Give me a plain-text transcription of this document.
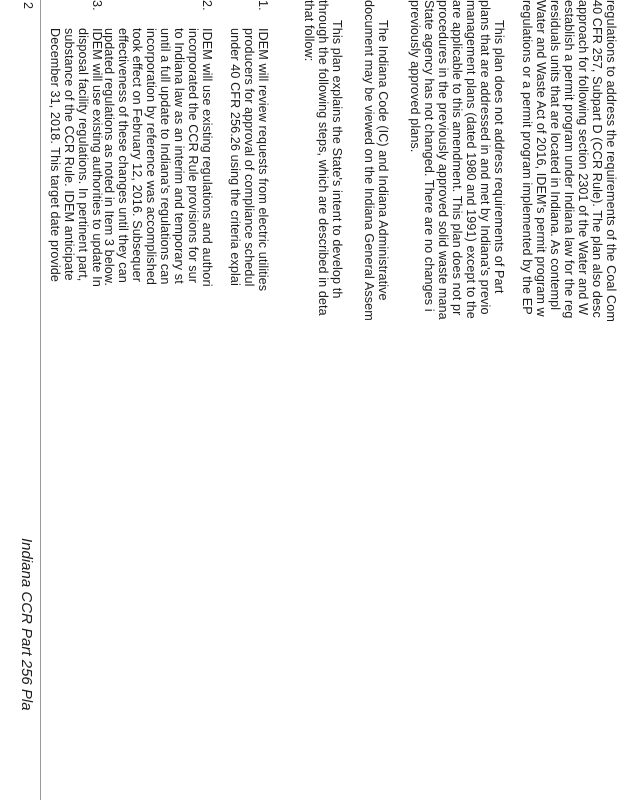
regulations to address the requirements of the Coal Com
40 CFR 257, Subpart D (CCR Rule). The plan also desc
approach for following section 2301 of the Water and W
establish a permit program under Indiana law for the reg
residuals units that are located in Indiana. As contempl
Water and Waste Act of 2016, IDEM's permit program w
regulations or a permit program implemented by the EP
This plan does not address requirements of Part
plans that are addressed in and met by Indiana's previo
management plans (dated 1980 and 1991) except to the
are applicable to this amendment. This plan does not pr
procedures in the previously approved solid waste mana
State agency has not changed. There are no changes i
previously approved plans.
The Indiana Code (IC) and Indiana Administrative
document may be viewed on the Indiana General Assem
This plan explains the State's intent to develop th
through the following steps, which are described in deta
that follow:
1.
IDEM will review requests from electric utilities
producers for approval of compliance schedul
under 40 CFR 256.26 using the criteria explai
2.
IDEM will use existing regulations and authori
incorporated the CCR Rule provisions for sur
to Indiana law as an interim and temporary st
until a full update to Indiana's regulations can
incorporation by reference was accomplished
took effect on February 12, 2016. Subsequer
effectiveness of these changes until they can
updated regulations as noted in Item 3 below.
3.
IDEM will use existing authorities to update In
disposal facility regulations. In pertinent part,
substance of the CCR Rule. IDEM anticipate
December 31, 2018. This target date provide
2
Indiana CCR Part 256 Pla
